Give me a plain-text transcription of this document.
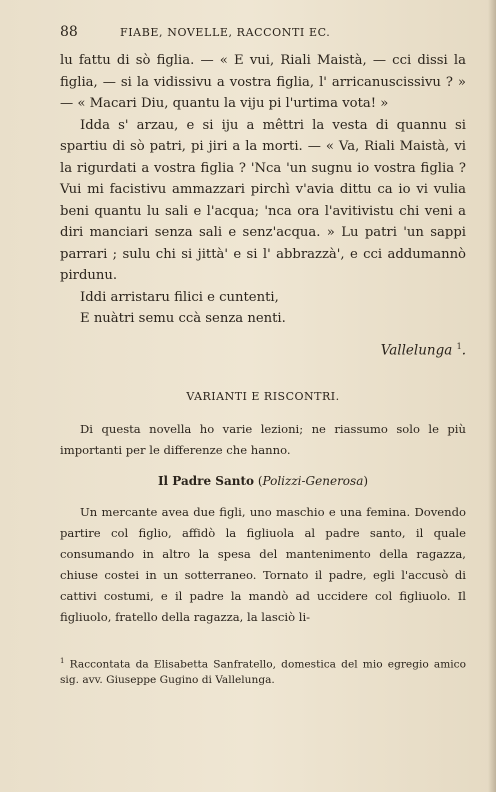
88	FIABE, NOVELLE, RACCONTI EC.

lu fattu di sò figlia. — « E vui, Riali Maistà, — cci dissi la figlia, — si la vidissivu a vostra figlia, l' arricanuscissivu ? » — « Macari Diu, quantu la viju pi l'urtima vota! »

Idda s' arzau, e si iju a mêttri la vesta di quannu si spartiu di sò patri, pi jiri a la morti. — « Va, Riali Maistà, vi la rigurdati a vostra figlia ? 'Nca 'un sugnu io vostra figlia ? Vui mi facistivu ammazzari pirchì v'avia dittu ca io vi vulia beni quantu lu sali e l'acqua; 'nca ora l'avitivistu chi veni a diri manciari senza sali e senz'acqua. » Lu patri 'un sappi parrari ; sulu chi si jittà' e si l' abbrazzà', e cci addumannò pirdunu.

Iddi arristaru filici e cuntenti,

E nuàtri semu ccà senza nenti.

Vallelunga $^1$.
VARIANTI E RISCONTRI.

Di questa novella ho varie lezioni; ne riassumo solo le più importanti per le differenze che hanno.

Il Padre Santo (Polizzi-Generosa)

Un mercante avea due figli, uno maschio e una femina. Dovendo partire col figlio, affidò la figliuola al padre santo, il quale consumando in altro la spesa del mantenimento della ragazza, chiuse costei in un sotterraneo. Tornato il padre, egli l'accusò di cattivi costumi, e il padre la mandò ad uccidere col figliuolo. Il figliuolo, fratello della ragazza, la lasciò li-

$^1$ Raccontata da Elisabetta Sanfratello, domestica del mio egregio amico sig. avv. Giuseppe Gugino di Vallelunga.
